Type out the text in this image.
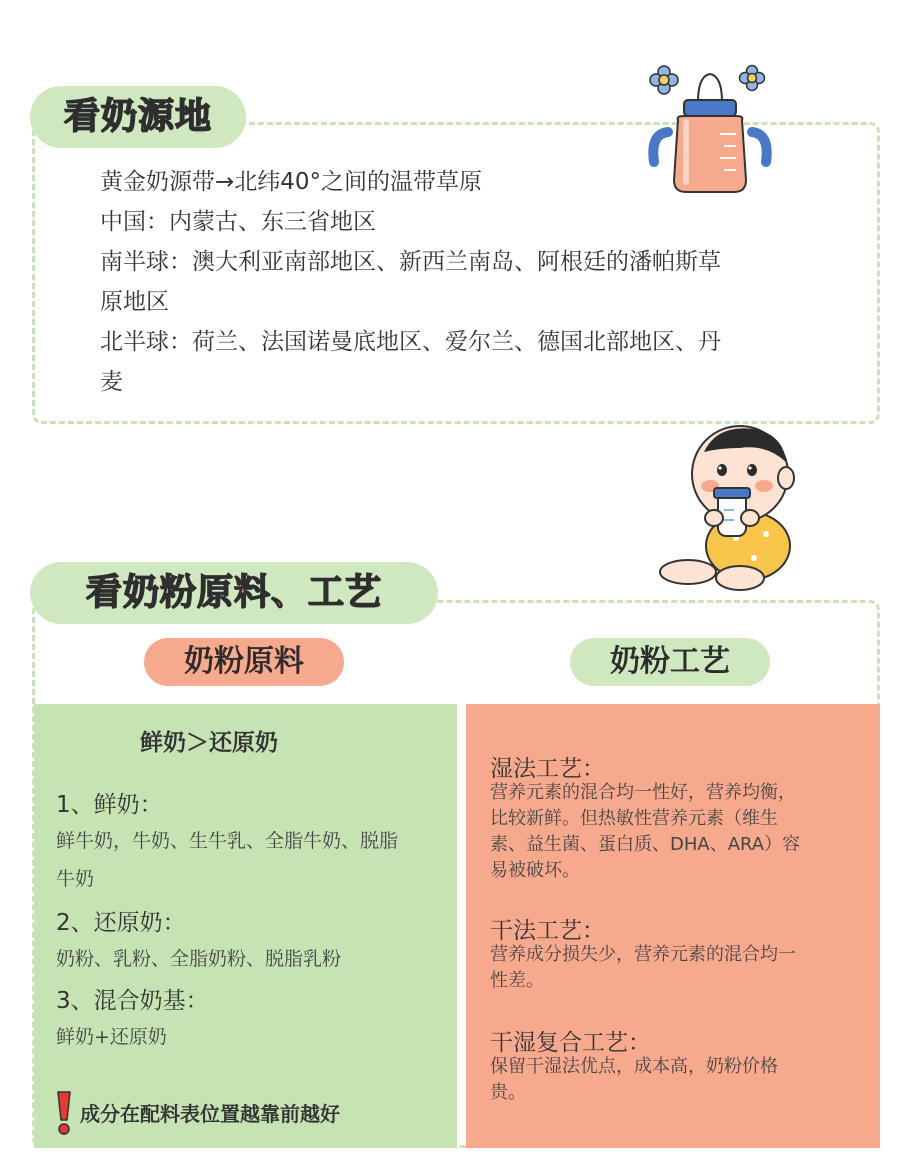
看奶源地
黄金奶源带→北纬40°之间的温带草原
中国：内蒙古、东三省地区
南半球：澳大利亚南部地区、新西兰南岛、阿根廷的潘帕斯草
原地区
北半球：荷兰、法国诺曼底地区、爱尔兰、德国北部地区、丹
麦
看奶粉原料、工艺
奶粉原料	奶粉工艺
鲜奶＞还原奶
1、鲜奶：
鲜牛奶，牛奶、生牛乳、全脂牛奶、脱脂
牛奶
2、还原奶：
奶粉、乳粉、全脂奶粉、脱脂乳粉
3、混合奶基：
鲜奶+还原奶
成分在配料表位置越靠前越好
湿法工艺：
营养元素的混合均一性好，营养均衡，
比较新鲜。但热敏性营养元素（维生
素、益生菌、蛋白质、DHA、ARA）容
易被破坏。
干法工艺：
营养成分损失少，营养元素的混合均一
性差。
干湿复合工艺：
保留干湿法优点，成本高，奶粉价格
贵。
